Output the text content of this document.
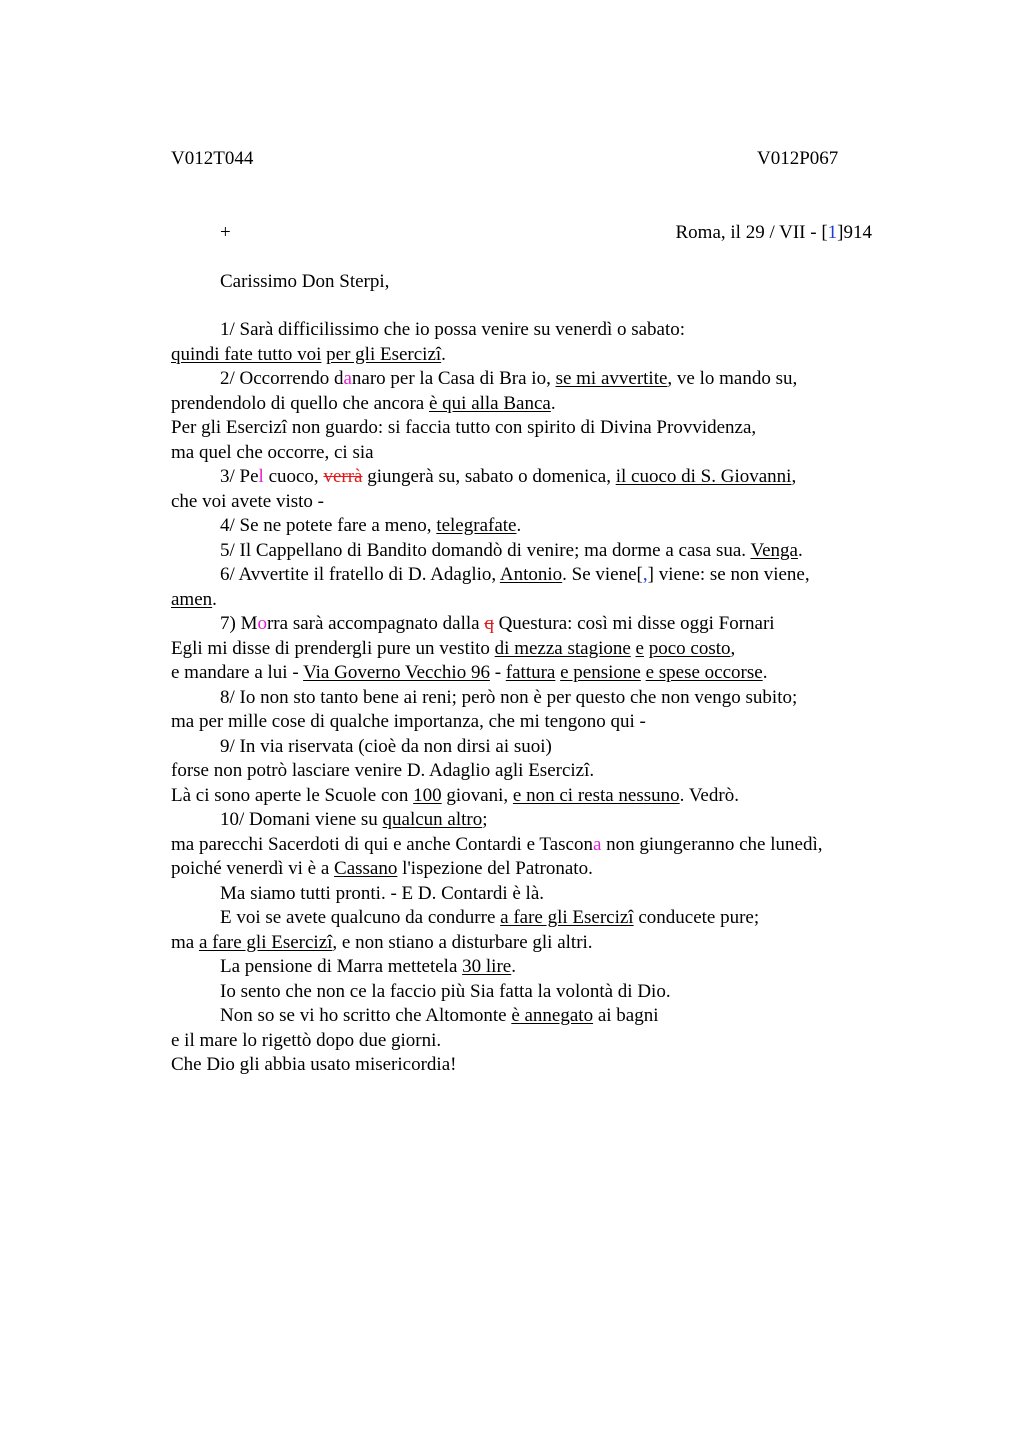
V012T044	V012P067
+	Roma, il 29 / VII - [1]914
Carissimo Don Sterpi,
1/ Sarà difficilissimo che io possa venire su venerdì o sabato:
quindi fate tutto voi per gli Esercizî.
2/ Occorrendo danaro per la Casa di Bra io, se mi avvertite, ve lo mando su,
prendendolo di quello che ancora è qui alla Banca.
Per gli Esercizî non guardo: si faccia tutto con spirito di Divina Provvidenza,
ma quel che occorre, ci sia
3/ Pel cuoco, verrà giungerà su, sabato o domenica, il cuoco di S. Giovanni,
che voi avete visto -
4/ Se ne potete fare a meno, telegrafate.
5/ Il Cappellano di Bandito domandò di venire; ma dorme a casa sua. Venga.
6/ Avvertite il fratello di D. Adaglio, Antonio. Se viene[,] viene: se non viene,
amen.
7) Morra sarà accompagnato dalla q Questura: così mi disse oggi Fornari
Egli mi disse di prendergli pure un vestito di mezza stagione e poco costo,
e mandare a lui - Via Governo Vecchio 96 - fattura e pensione e spese occorse.
8/ Io non sto tanto bene ai reni; però non è per questo che non vengo subito;
ma per mille cose di qualche importanza, che mi tengono qui -
9/ In via riservata (cioè da non dirsi ai suoi)
forse non potrò lasciare venire D. Adaglio agli Esercizî.
Là ci sono aperte le Scuole con 100 giovani, e non ci resta nessuno. Vedrò.
10/ Domani viene su qualcun altro;
ma parecchi Sacerdoti di qui e anche Contardi e Tascona non giungeranno che lunedì,
poiché venerdì vi è a Cassano l'ispezione del Patronato.
Ma siamo tutti pronti. - E D. Contardi è là.
E voi se avete qualcuno da condurre a fare gli Esercizî conducete pure;
ma a fare gli Esercizî, e non stiano a disturbare gli altri.
La pensione di Marra mettetela 30 lire.
Io sento che non ce la faccio più Sia fatta la volontà di Dio.
Non so se vi ho scritto che Altomonte è annegato ai bagni
e il mare lo rigettò dopo due giorni.
Che Dio gli abbia usato misericordia!
